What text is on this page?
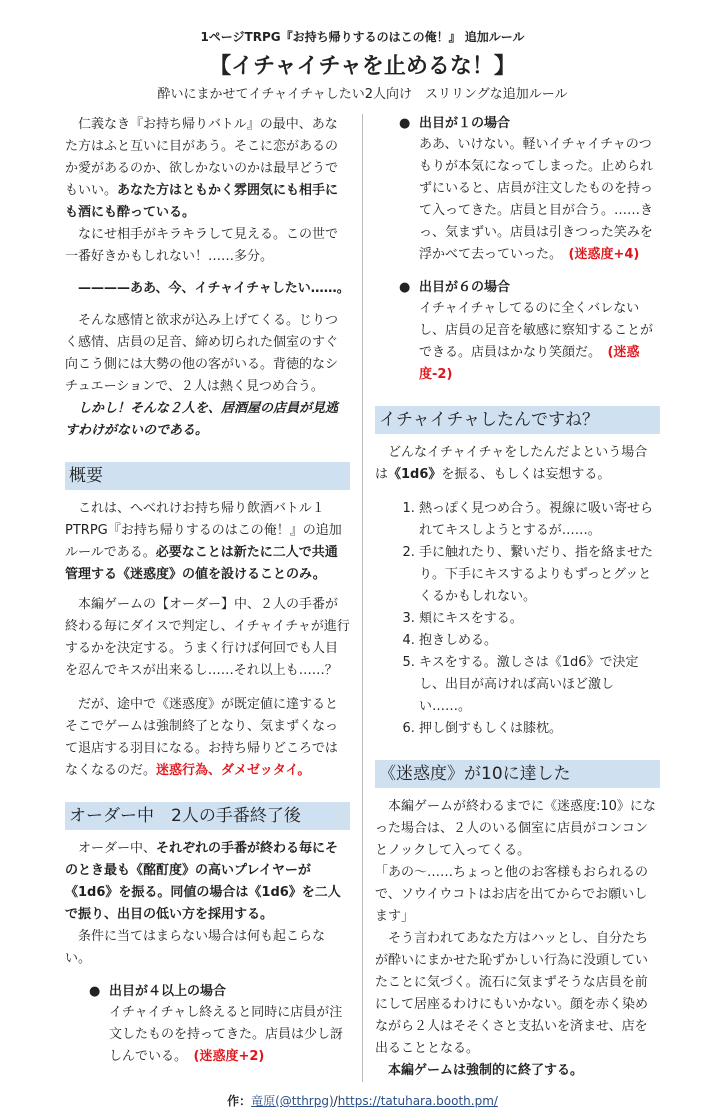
1ページTRPG『お持ち帰りするのはこの俺！』 追加ルール
【イチャイチャを止めるな！】
酔いにまかせてイチャイチャしたい2人向け　スリリングな追加ルール

仁義なき『お持ち帰りバトル』の最中、あなた方はふと互いに目があう。そこに恋があるのか愛があるのか、欲しかないのかは最早どうでもいい。あなた方はともかく雰囲気にも相手にも酒にも酔っている。

なにせ相手がキラキラして見える。この世で一番好きかもしれない！……多分。

————ああ、今、イチャイチャしたい……。

そんな感情と欲求が込み上げてくる。じりつく感情、店員の足音、締め切られた個室のすぐ向こう側には大勢の他の客がいる。背徳的なシチュエーションで、２人は熱く見つめ合う。

しかし！そんな２人を、居酒屋の店員が見逃すわけがないのである。

概要

これは、へべれけお持ち帰り飲酒バトル１PTRPG『お持ち帰りするのはこの俺！』の追加ルールである。必要なことは新たに二人で共通管理する《迷惑度》の値を設けることのみ。

本編ゲームの【オーダー】中、２人の手番が終わる毎にダイスで判定し、イチャイチャが進行するかを決定する。うまく行けば何回でも人目を忍んでキスが出来るし……それ以上も……？

だが、途中で《迷惑度》が既定値に達するとそこでゲームは強制終了となり、気まずくなって退店する羽目になる。お持ち帰りどころではなくなるのだ。迷惑行為、ダメゼッタイ。

オーダー中　2人の手番終了後

オーダー中、それぞれの手番が終わる毎にそのとき最も《酩酊度》の高いプレイヤーが《1d6》を振る。同値の場合は《1d6》を二人で振り、出目の低い方を採用する。

条件に当てはまらない場合は何も起こらない。

● 出目が４以上の場合

イチャイチャし終えると同時に店員が注文したものを持ってきた。店員は少し訝しんでいる。　 (迷惑度+2)

● 出目が１の場合

ああ、いけない。軽いイチャイチャのつもりが本気になってしまった。止められずにいると、店員が注文したものを持って入ってきた。店員と目が合う。……きっ、気まずい。店員は引きつった笑みを浮かべて去っていった。　 (迷惑度+4)

● 出目が６の場合

イチャイチャしてるのに全くバレないし、店員の足音を敏感に察知することができる。店員はかなり笑顔だ。　 (迷惑度-2)

イチャイチャしたんですね？

どんなイチャイチャをしたんだよという場合は《1d6》を振る、もしくは妄想する。

1. 熱っぽく見つめ合う。視線に吸い寄せられてキスしようとするが……。
2. 手に触れたり、繋いだり、指を絡ませたり。下手にキスするよりもずっとグッとくるかもしれない。
3. 頬にキスをする。
4. 抱きしめる。
5. キスをする。激しさは《1d6》で決定し、出目が高ければ高いほど激しい……。
6. 押し倒すもしくは膝枕。
《迷惑度》が10に達した

本編ゲームが終わるまでに《迷惑度:10》になった場合は、２人のいる個室に店員がコンコンとノックして入ってくる。

「あの～……ちょっと他のお客様もおられるので、ソウイウコトはお店を出てからでお願いします」

そう言われてあなた方はハッとし、自分たちが酔いにまかせた恥ずかしい行為に没頭していたことに気づく。流石に気まずそうな店員を前にして居座るわけにもいかない。顔を赤く染めながら２人はそそくさと支払いを済ませ、店を出ることとなる。

本編ゲームは強制的に終了する。

作：竜原(@tthrpg)/https://tatuhara.booth.pm/
